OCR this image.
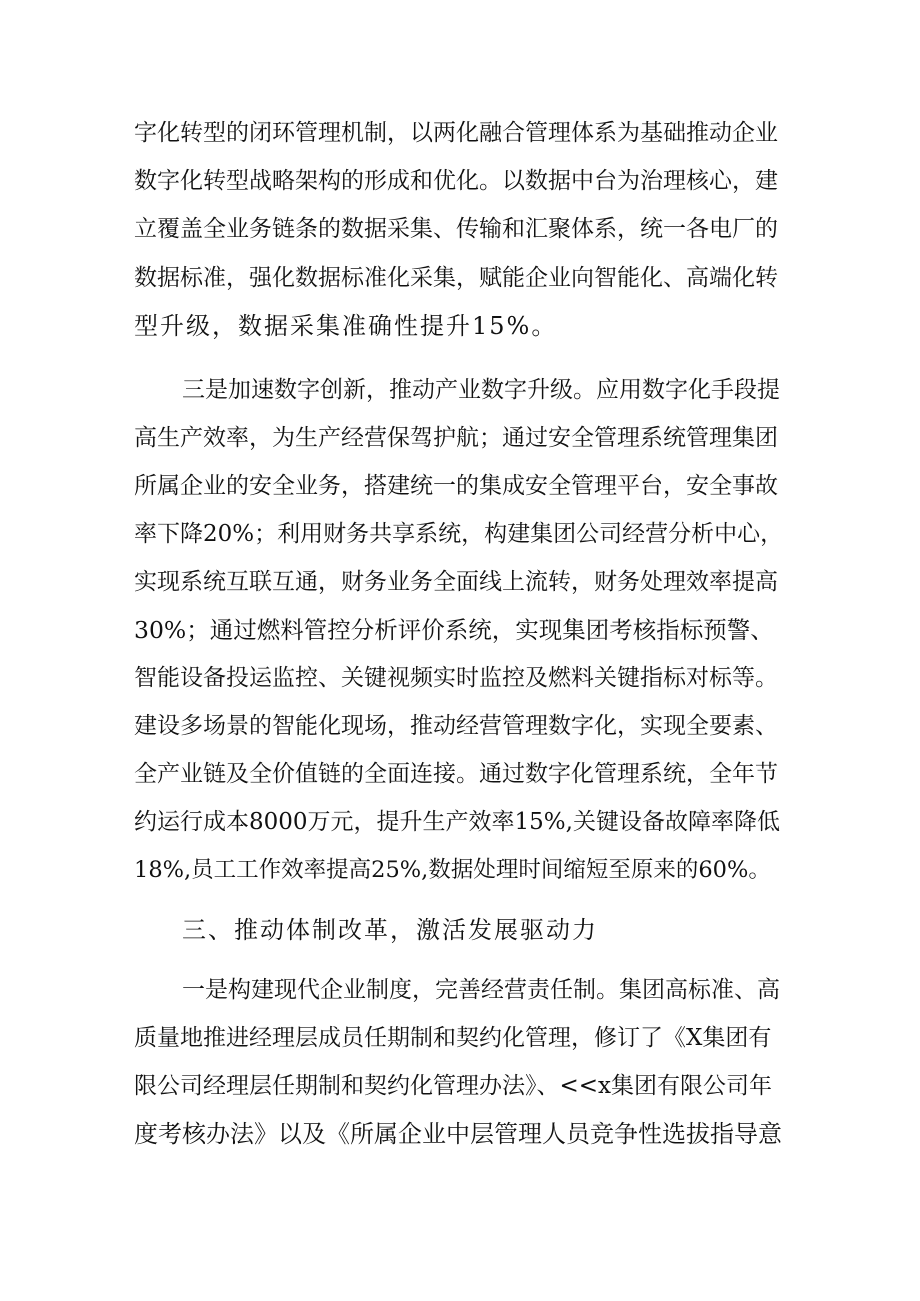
字化转型的闭环管理机制，以两化融合管理体系为基础推动企业
数字化转型战略架构的形成和优化。以数据中台为治理核心，建
立覆盖全业务链条的数据采集、传输和汇聚体系，统一各电厂的
数据标准，强化数据标准化采集，赋能企业向智能化、高端化转
型升级，数据采集准确性提升15%。
三是加速数字创新，推动产业数字升级。应用数字化手段提
高生产效率，为生产经营保驾护航；通过安全管理系统管理集团
所属企业的安全业务，搭建统一的集成安全管理平台，安全事故
率下降20%；利用财务共享系统，构建集团公司经营分析中心，
实现系统互联互通，财务业务全面线上流转，财务处理效率提高
30%；通过燃料管控分析评价系统，实现集团考核指标预警、
智能设备投运监控、关键视频实时监控及燃料关键指标对标等。
建设多场景的智能化现场，推动经营管理数字化，实现全要素、
全产业链及全价值链的全面连接。通过数字化管理系统，全年节
约运行成本8000万元，提升生产效率15%,关键设备故障率降低
18%,员工工作效率提高25%,数据处理时间缩短至原来的60%。
三、推动体制改革，激活发展驱动力
一是构建现代企业制度，完善经营责任制。集团高标准、高
质量地推进经理层成员任期制和契约化管理，修订了《X集团有
限公司经理层任期制和契约化管理办法》、<<x集团有限公司年
度考核办法》以及《所属企业中层管理人员竞争性选拔指导意
